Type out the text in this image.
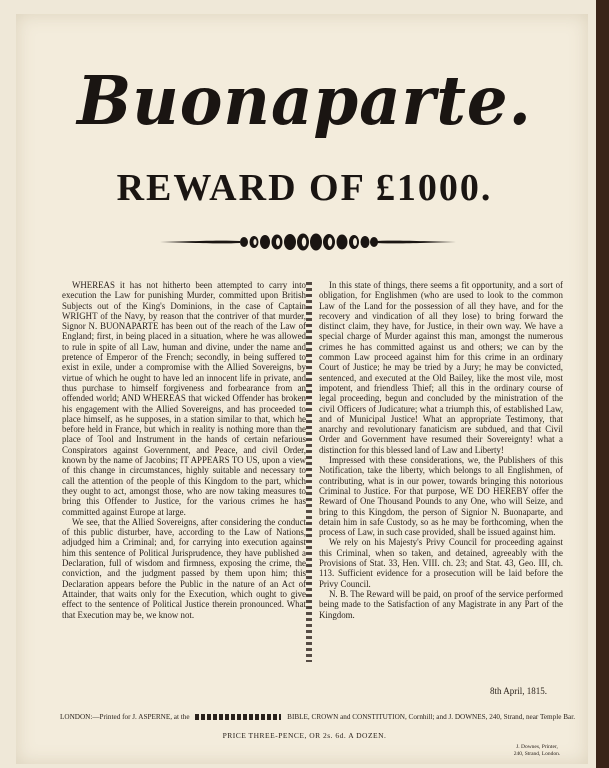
Buonaparte.
REWARD OF £1000.

WHEREAS it has not hitherto been attempted to carry into execution the Law for punishing Murder, committed upon British Subjects out of the King's Dominions, in the case of Captain WRIGHT of the Navy, by reason that the contriver of that murder, Signor N. BUONAPARTE has been out of the reach of the Law of England; first, in being placed in a situation, where he was allowed to rule in spite of all Law, human and divine, under the name and pretence of Emperor of the French; secondly, in being suffered to exist in exile, under a compromise with the Allied Sovereigns, by virtue of which he ought to have led an innocent life in private, and thus purchase to himself forgiveness and forbearance from an offended world; AND WHEREAS that wicked Offender has broken his engagement with the Allied Sovereigns, and has proceeded to place himself, as he supposes, in a station similar to that, which he before held in France, but which in reality is nothing more than the place of Tool and Instrument in the hands of certain nefarious Conspirators against Government, and Peace, and civil Order, known by the name of Jacobins; IT APPEARS TO US, upon a view of this change in circumstances, highly suitable and necessary to call the attention of the people of this Kingdom to the part, which they ought to act, amongst those, who are now taking measures to bring this Offender to Justice, for the various crimes he has committed against Europe at large.

We see, that the Allied Sovereigns, after considering the conduct of this public disturber, have, according to the Law of Nations, adjudged him a Criminal; and, for carrying into execution against him this sentence of Political Jurisprudence, they have published a Declaration, full of wisdom and firmness, exposing the crime, the conviction, and the judgment passed by them upon him; this Declaration appears before the Public in the nature of an Act of Attainder, that waits only for the Execution, which ought to give effect to the sentence of Political Justice therein pronounced. What that Execution may be, we know not.

In this state of things, there seems a fit opportunity, and a sort of obligation, for Englishmen (who are used to look to the common Law of the Land for the possession of all they have, and for the recovery and vindication of all they lose) to bring forward the distinct claim, they have, for Justice, in their own way. We have a special charge of Murder against this man, amongst the numerous crimes he has committed against us and others; we can by the common Law proceed against him for this crime in an ordinary Court of Justice; he may be tried by a Jury; he may be convicted, sentenced, and executed at the Old Bailey, like the most vile, most impotent, and friendless Thief; all this in the ordinary course of legal proceeding, begun and concluded by the ministration of the civil Officers of Judicature; what a triumph this, of established Law, and of Municipal Justice! What an appropriate Testimony, that anarchy and revolutionary fanaticism are subdued, and that Civil Order and Government have resumed their Sovereignty! what a distinction for this blessed land of Law and Liberty!

Impressed with these considerations, we, the Publishers of this Notification, take the liberty, which belongs to all Englishmen, of contributing, what is in our power, towards bringing this notorious Criminal to Justice. For that purpose, WE DO HEREBY offer the Reward of One Thousand Pounds to any One, who will Seize, and bring to this Kingdom, the person of Signior N. Buonaparte, and detain him in safe Custody, so as he may be forthcoming, when the process of Law, in such case provided, shall be issued against him.

We rely on his Majesty's Privy Council for proceeding against this Criminal, when so taken, and detained, agreeably with the Provisions of Stat. 33, Hen. VIII. ch. 23; and Stat. 43, Geo. III, ch. 113. Sufficient evidence for a prosecution will be laid before the Privy Council.

N. B. The Reward will be paid, on proof of the service performed being made to the Satisfaction of any Magistrate in any Part of the Kingdom.

8th April, 1815.
LONDON:—Printed for J. ASPERNE, at the	BIBLE, CROWN and CONSTITUTION, Cornhill; and J. DOWNES, 240, Strand, near Temple Bar.
PRICE THREE-PENCE, OR 2s. 6d. A DOZEN.
J. Downes, Printer,
240, Strand, London.
